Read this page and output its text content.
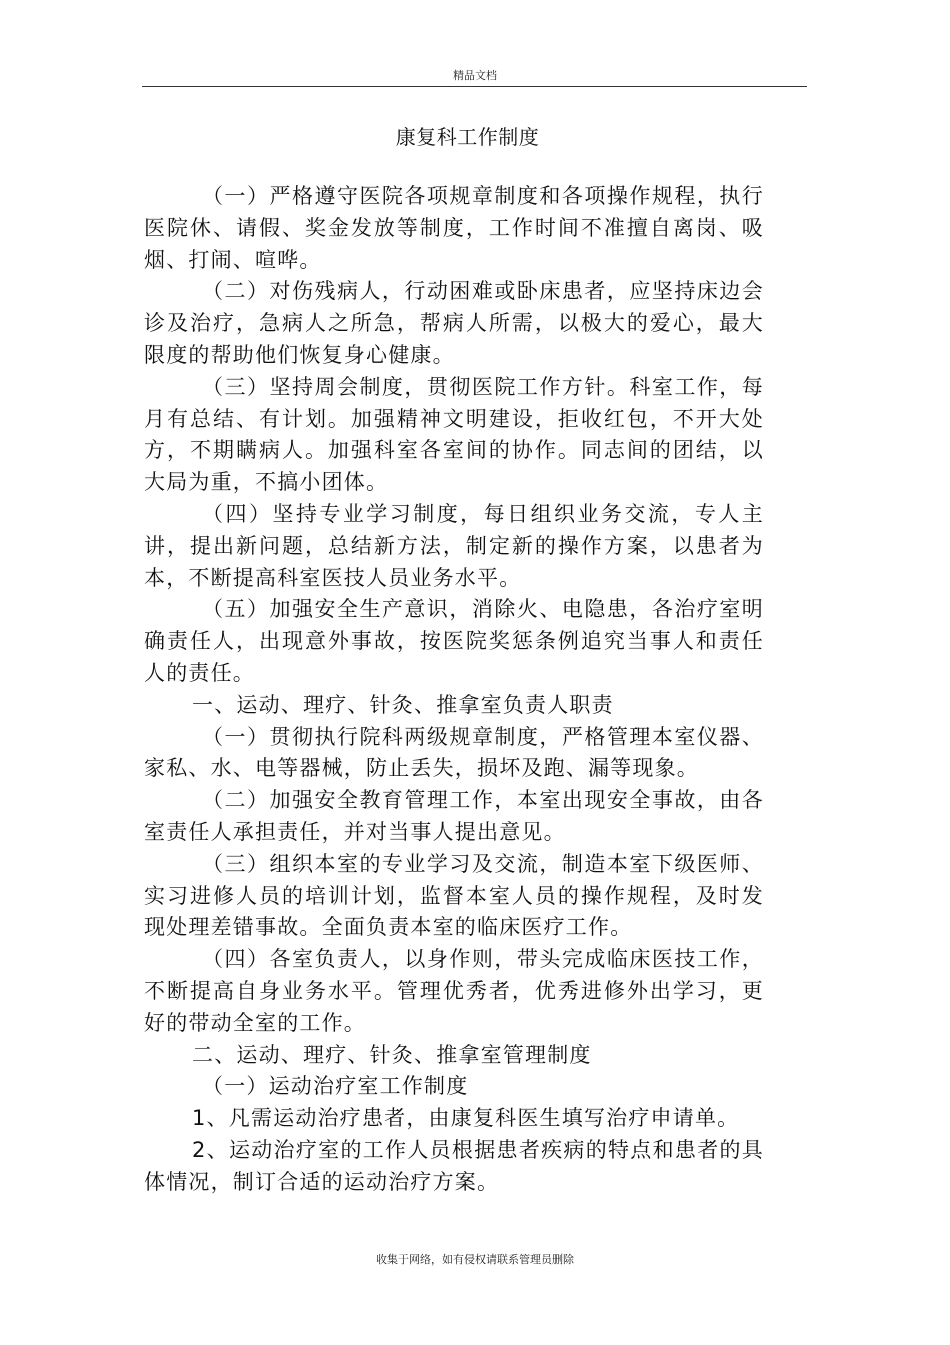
精品文档
康复科工作制度

（一）严格遵守医院各项规章制度和各项操作规程，执行医院休、请假、奖金发放等制度，工作时间不准擅自离岗、吸烟、打闹、喧哗。

（二）对伤残病人，行动困难或卧床患者，应坚持床边会诊及治疗，急病人之所急，帮病人所需，以极大的爱心，最大限度的帮助他们恢复身心健康。

（三）坚持周会制度，贯彻医院工作方针。科室工作，每月有总结、有计划。加强精神文明建设，拒收红包，不开大处方，不期瞒病人。加强科室各室间的协作。同志间的团结，以大局为重，不搞小团体。

（四）坚持专业学习制度，每日组织业务交流，专人主讲，提出新问题，总结新方法，制定新的操作方案，以患者为本，不断提高科室医技人员业务水平。

（五）加强安全生产意识，消除火、电隐患，各治疗室明确责任人，出现意外事故，按医院奖惩条例追究当事人和责任人的责任。

一、运动、理疗、针灸、推拿室负责人职责

（一）贯彻执行院科两级规章制度，严格管理本室仪器、家私、水、电等器械，防止丢失，损坏及跑、漏等现象。

（二）加强安全教育管理工作，本室出现安全事故，由各室责任人承担责任，并对当事人提出意见。

（三）组织本室的专业学习及交流，制造本室下级医师、实习进修人员的培训计划，监督本室人员的操作规程，及时发现处理差错事故。全面负责本室的临床医疗工作。

（四）各室负责人，以身作则，带头完成临床医技工作，不断提高自身业务水平。管理优秀者，优秀进修外出学习，更好的带动全室的工作。

二、运动、理疗、针灸、推拿室管理制度

（一）运动治疗室工作制度

1、凡需运动治疗患者，由康复科医生填写治疗申请单。

2、运动治疗室的工作人员根据患者疾病的特点和患者的具体情况，制订合适的运动治疗方案。

收集于网络，如有侵权请联系管理员删除
